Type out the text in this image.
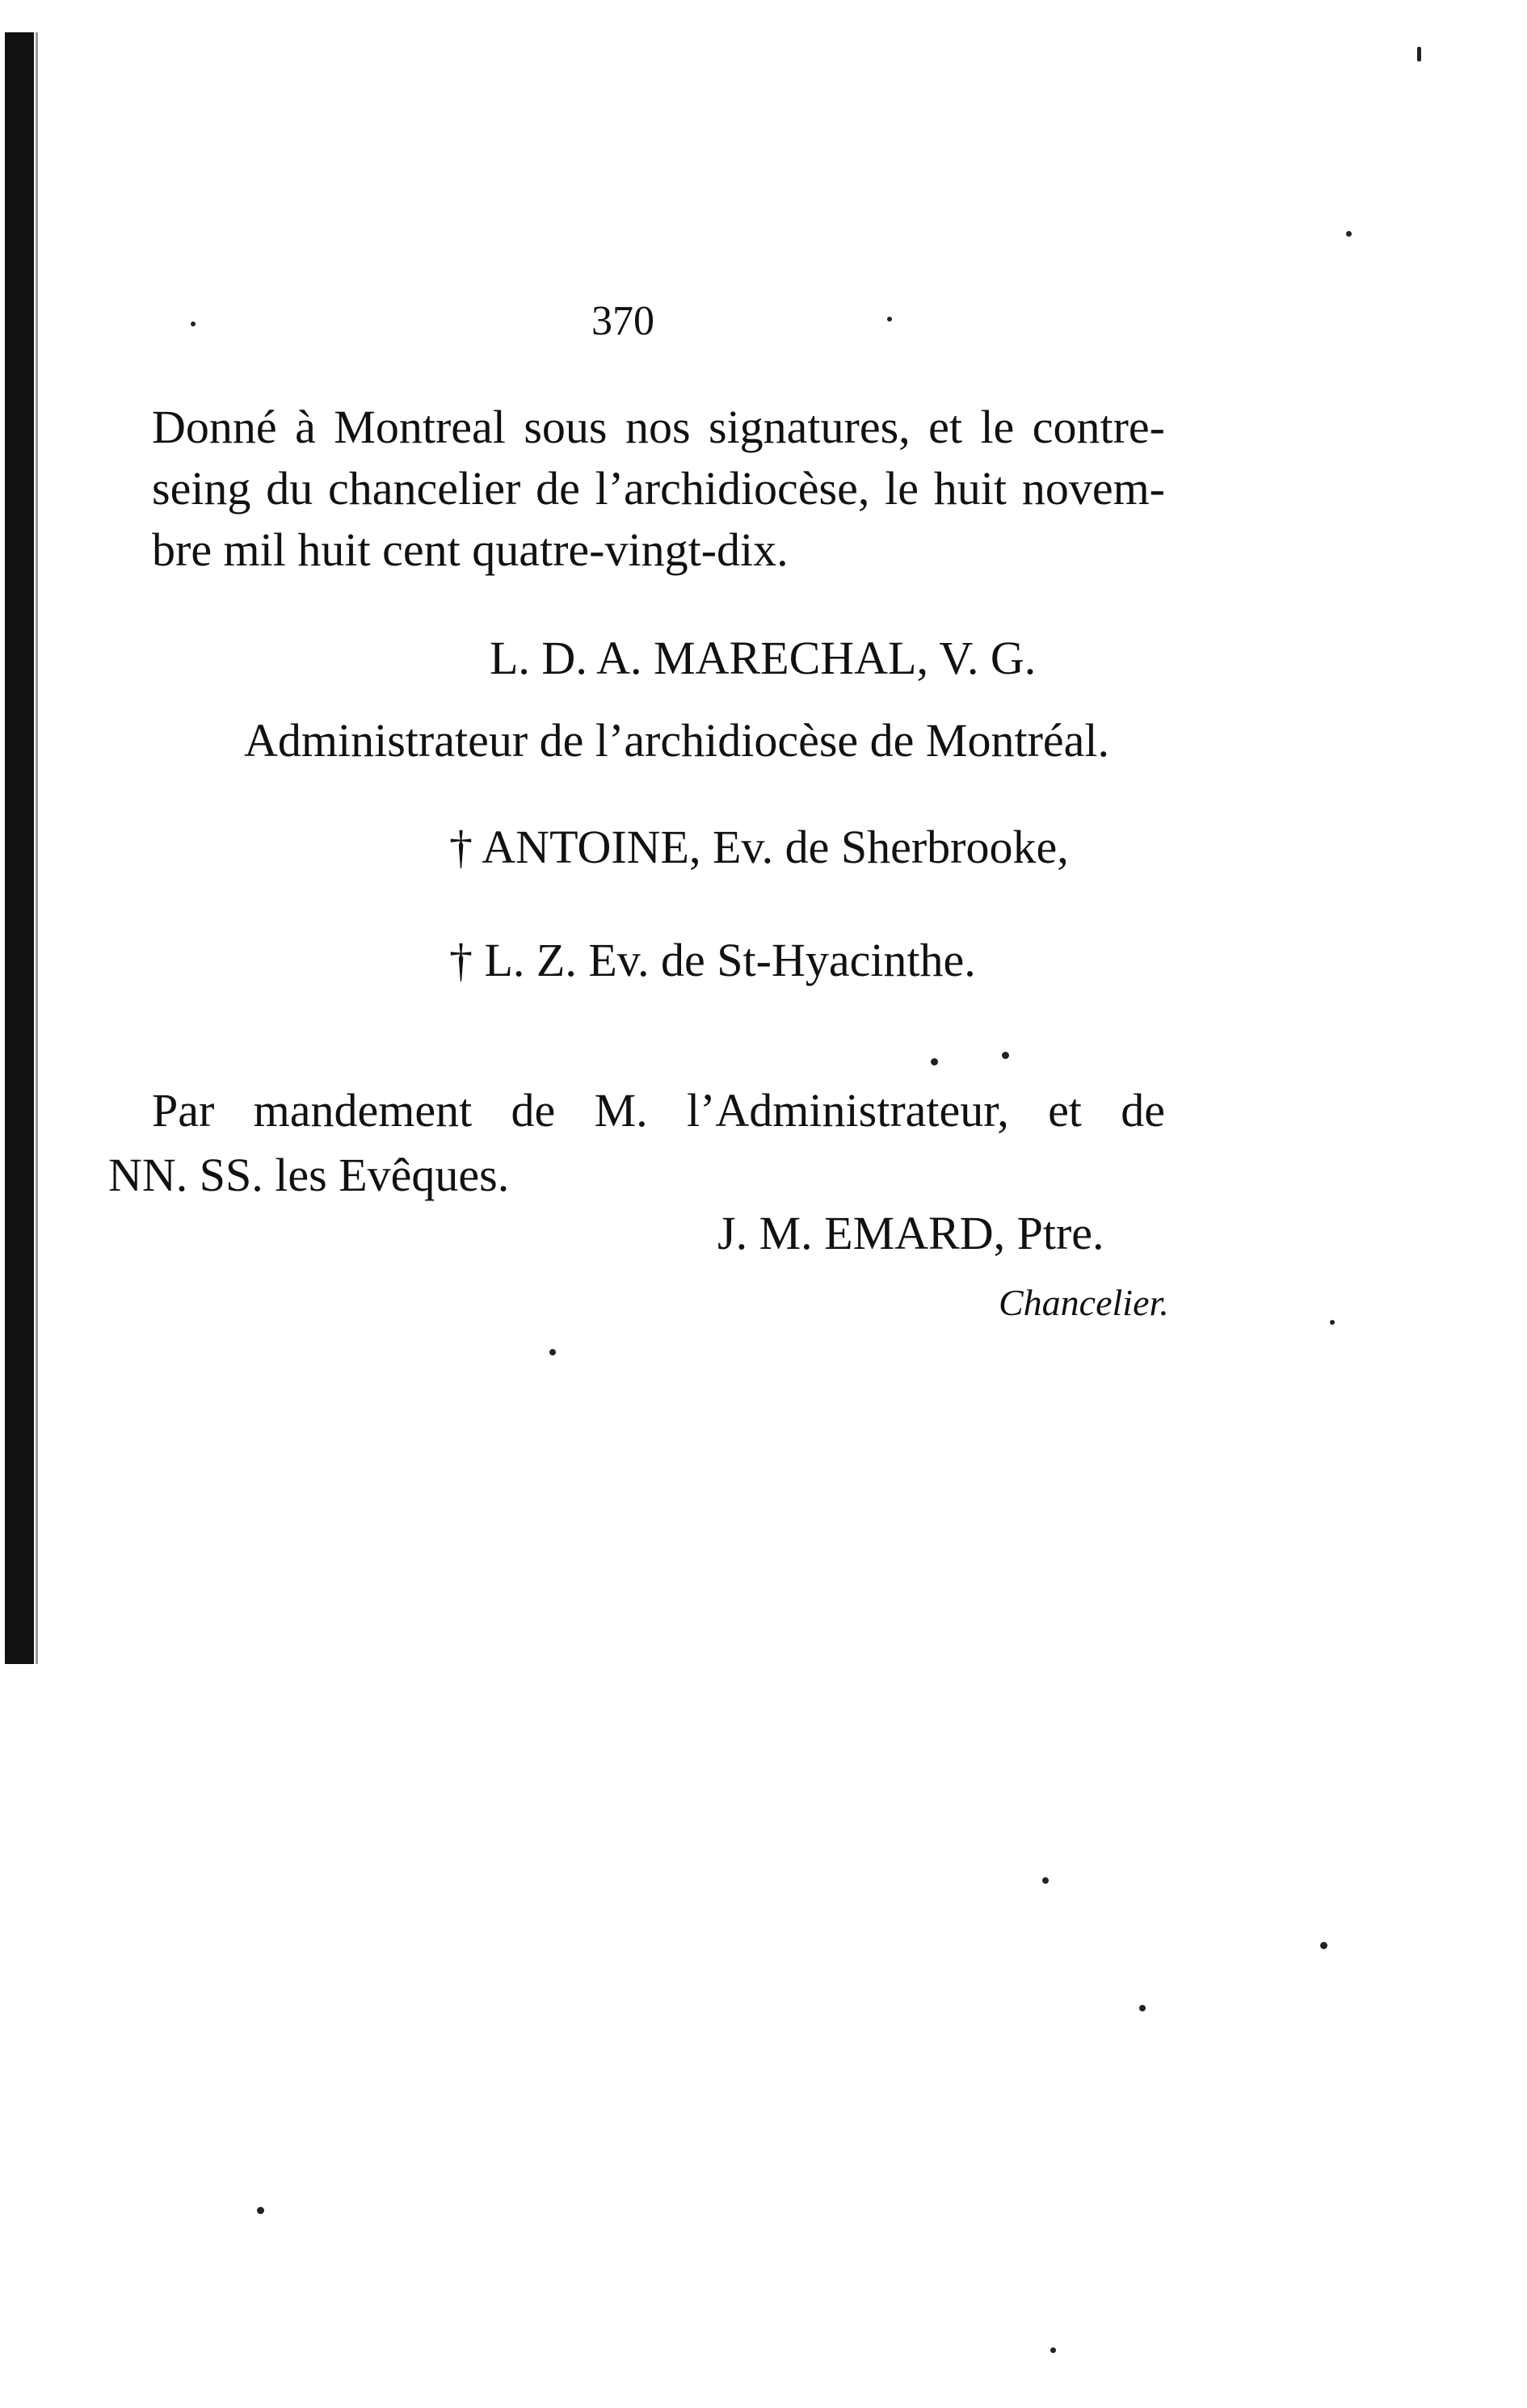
370
Donné à Montreal sous nos signatures, et le contre-
seing du chancelier de l’archidiocèse, le huit novem-
bre mil huit cent quatre-vingt-dix.
L. D. A. MARECHAL, V. G.
Administrateur de l’archidiocèse de Montréal.
† ANTOINE, Ev. de Sherbrooke,
† L. Z. Ev. de St-Hyacinthe.
Par mandement de M. l’Administrateur, et de
NN. SS. les Evêques.
J. M. EMARD, Ptre.
Chancelier.
